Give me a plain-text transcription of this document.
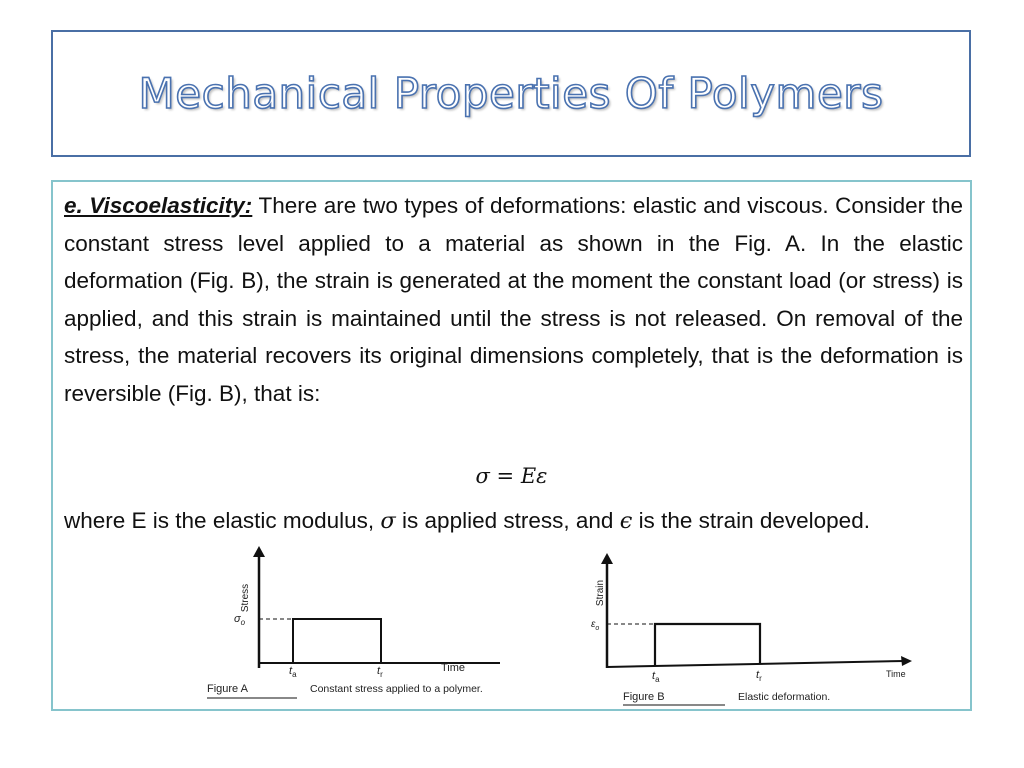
Mechanical Properties Of Polymers
e. Viscoelasticity: There are two types of deformations: elastic and viscous. Consider the constant stress level applied to a material as shown in the Fig. A. In the elastic deformation (Fig. B), the strain is generated at the moment the constant load (or stress) is applied, and this strain is maintained until the stress is not released. On removal of the stress, the material recovers its original dimensions completely, that is the deformation is reversible (Fig. B), that is:
σ = Eε
where E is the elastic modulus, σ is applied stress, and ϵ is the strain developed.
Stress
$\sigma_o$
$t_a$	$t_r$
Time
Figure A	Constant stress applied to a polymer.
Strain
$\varepsilon_o$
$t_a$	$t_r$	Time
Figure B	Elastic deformation.
